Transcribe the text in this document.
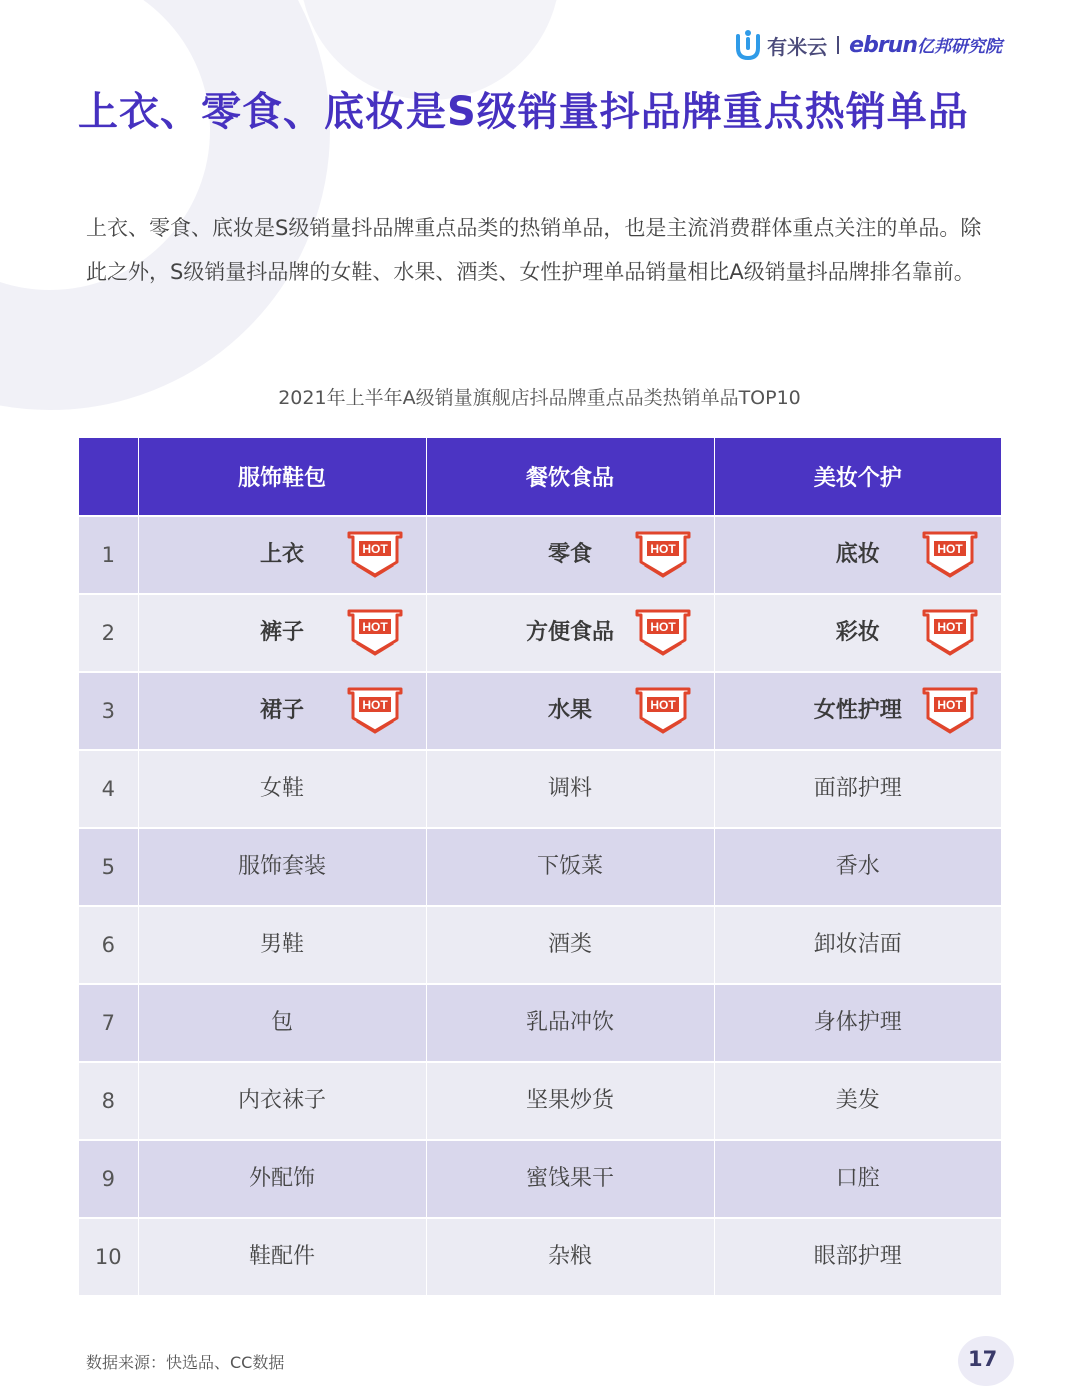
有米云 ebrun 亿邦研究院
上衣、零食、底妆是S级销量抖品牌重点热销单品
上衣、零食、底妆是S级销量抖品牌重点品类的热销单品，也是主流消费群体重点关注的单品。除此之外，S级销量抖品牌的女鞋、水果、酒类、女性护理单品销量相比A级销量抖品牌排名靠前。
2021年上半年A级销量旗舰店抖品牌重点品类热销单品TOP10
	服饰鞋包	餐饮食品	美妆个护
1	上衣 HOT	零食 HOT	底妆 HOT

2	裤子 HOT	方便食品 HOT	彩妆 HOT

3	裙子 HOT	水果 HOT	女性护理 HOT

4	女鞋	调料	面部护理

5	服饰套装	下饭菜	香水

6	男鞋	酒类	卸妆洁面

7	包	乳品冲饮	身体护理

8	内衣袜子	坚果炒货	美发

9	外配饰	蜜饯果干	口腔

10	鞋配件	杂粮	眼部护理
数据来源：快选品、CC数据	17
